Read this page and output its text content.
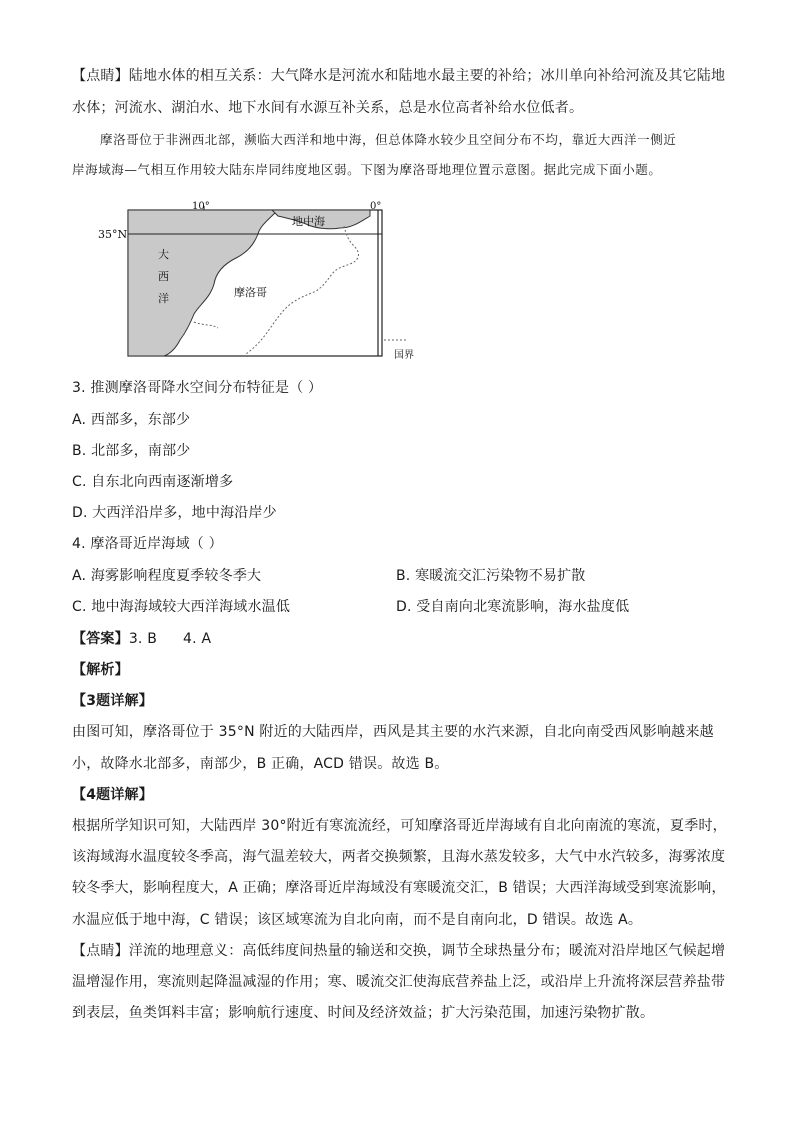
【点睛】陆地水体的相互关系：大气降水是河流水和陆地水最主要的补给；冰川单向补给河流及其它陆地
水体；河流水、湖泊水、地下水间有水源互补关系，总是水位高者补给水位低者。
摩洛哥位于非洲西北部，濒临大西洋和地中海，但总体降水较少且空间分布不均，靠近大西洋一侧近
岸海域海—气相互作用较大陆东岸同纬度地区弱。下图为摩洛哥地理位置示意图。据此完成下面小题。
10°	0°
35°N
地中海
大
西
洋	摩洛哥
国界
3. 推测摩洛哥降水空间分布特征是（ ）
A. 西部多，东部少
B. 北部多，南部少
C. 自东北向西南逐渐增多
D. 大西洋沿岸多，地中海沿岸少
4. 摩洛哥近岸海域（ ）
A. 海雾影响程度夏季较冬季大	B. 寒暖流交汇污染物不易扩散
C. 地中海海域较大西洋海域水温低	D. 受自南向北寒流影响，海水盐度低
【答案】3. B 4. A
【解析】
【3题详解】
由图可知，摩洛哥位于 35°N 附近的大陆西岸，西风是其主要的水汽来源，自北向南受西风影响越来越
小，故降水北部多，南部少，B 正确，ACD 错误。故选 B。
【4题详解】
根据所学知识可知，大陆西岸 30°附近有寒流流经，可知摩洛哥近岸海域有自北向南流的寒流，夏季时，
该海域海水温度较冬季高，海气温差较大，两者交换频繁，且海水蒸发较多，大气中水汽较多，海雾浓度
较冬季大，影响程度大，A 正确；摩洛哥近岸海域没有寒暖流交汇，B 错误；大西洋海域受到寒流影响，
水温应低于地中海，C 错误；该区域寒流为自北向南，而不是自南向北，D 错误。故选 A。
【点睛】洋流的地理意义：高低纬度间热量的输送和交换，调节全球热量分布；暖流对沿岸地区气候起增
温增湿作用，寒流则起降温减湿的作用；寒、暖流交汇使海底营养盐上泛，或沿岸上升流将深层营养盐带
到表层，鱼类饵料丰富；影响航行速度、时间及经济效益；扩大污染范围，加速污染物扩散。
